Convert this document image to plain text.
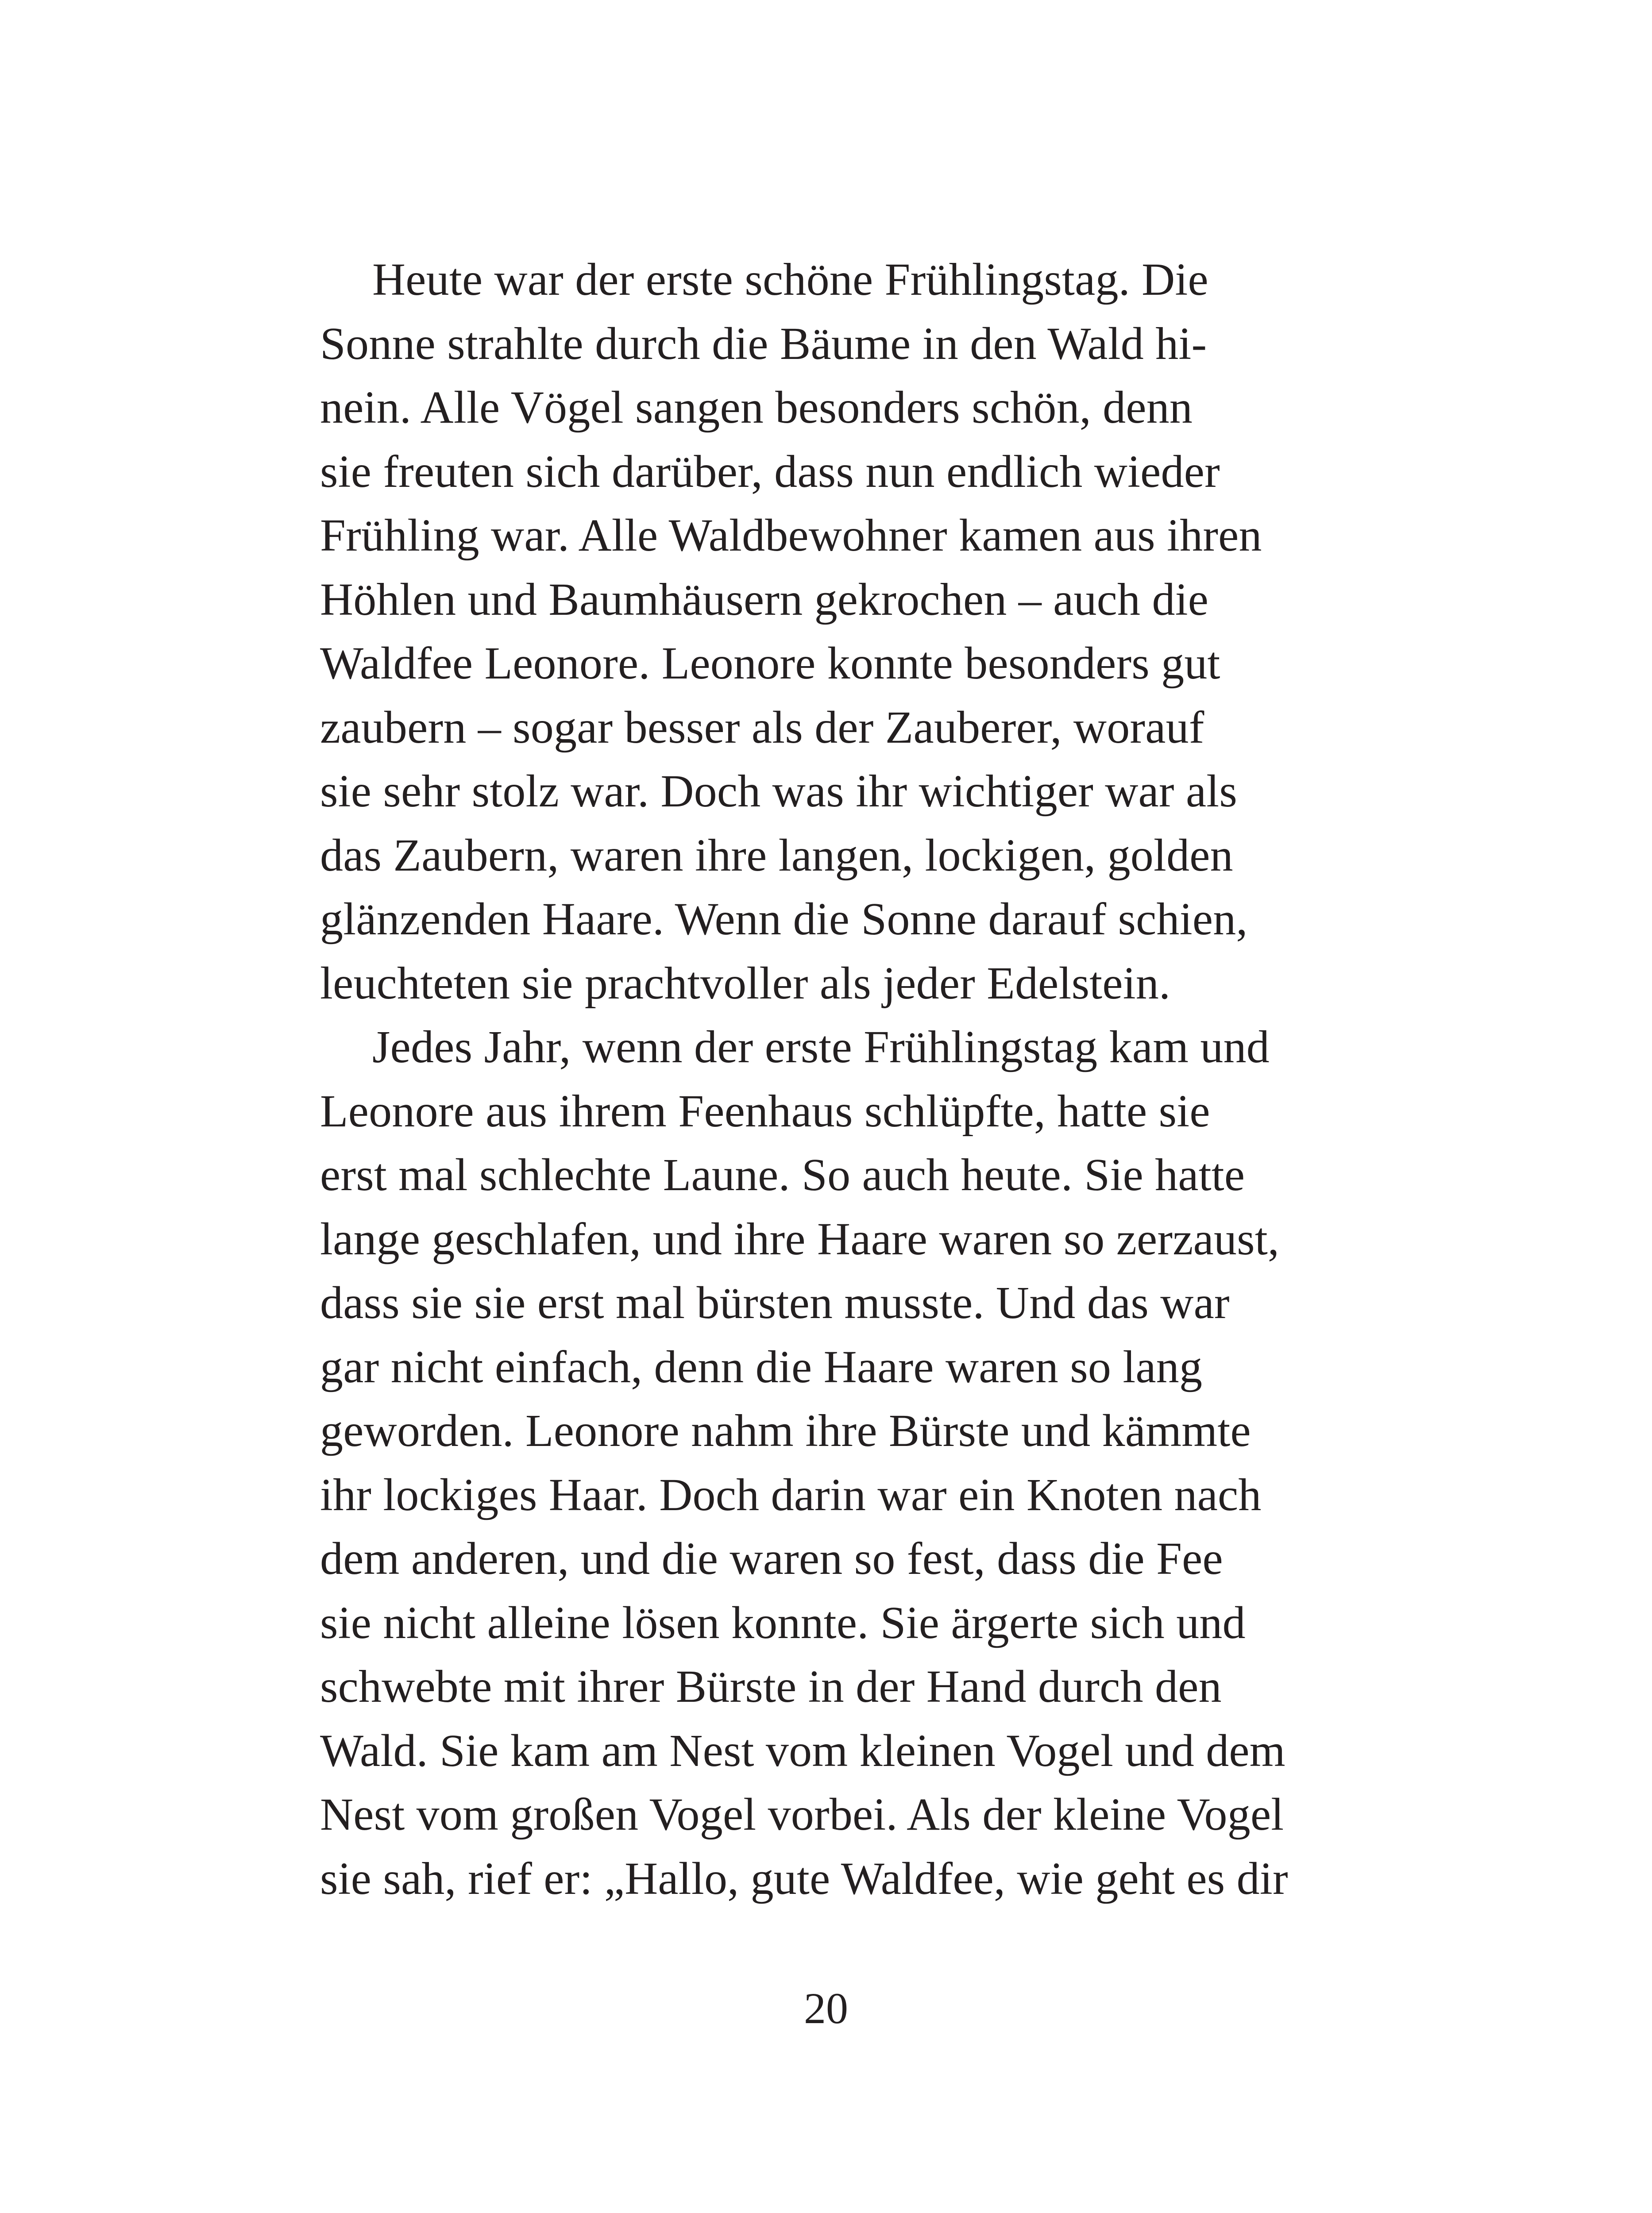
Heute war der erste schöne Frühlingstag. Die
Sonne strahlte durch die Bäume in den Wald hi-
nein. Alle Vögel sangen besonders schön, denn
sie freuten sich darüber, dass nun endlich wieder
Frühling war. Alle Waldbewohner kamen aus ihren
Höhlen und Baumhäusern gekrochen – auch die
Waldfee Leonore. Leonore konnte besonders gut
zaubern – sogar besser als der Zauberer, worauf
sie sehr stolz war. Doch was ihr wichtiger war als
das Zaubern, waren ihre langen, lockigen, golden
glänzenden Haare. Wenn die Sonne darauf schien,
leuchteten sie prachtvoller als jeder Edelstein.
Jedes Jahr, wenn der erste Frühlingstag kam und
Leonore aus ihrem Feenhaus schlüpfte, hatte sie
erst mal schlechte Laune. So auch heute. Sie hatte
lange geschlafen, und ihre Haare waren so zerzaust,
dass sie sie erst mal bürsten musste. Und das war
gar nicht einfach, denn die Haare waren so lang
geworden. Leonore nahm ihre Bürste und kämmte
ihr lockiges Haar. Doch darin war ein Knoten nach
dem anderen, und die waren so fest, dass die Fee
sie nicht alleine lösen konnte. Sie ärgerte sich und
schwebte mit ihrer Bürste in der Hand durch den
Wald. Sie kam am Nest vom kleinen Vogel und dem
Nest vom großen Vogel vorbei. Als der kleine Vogel
sie sah, rief er: „Hallo, gute Waldfee, wie geht es dir
20
